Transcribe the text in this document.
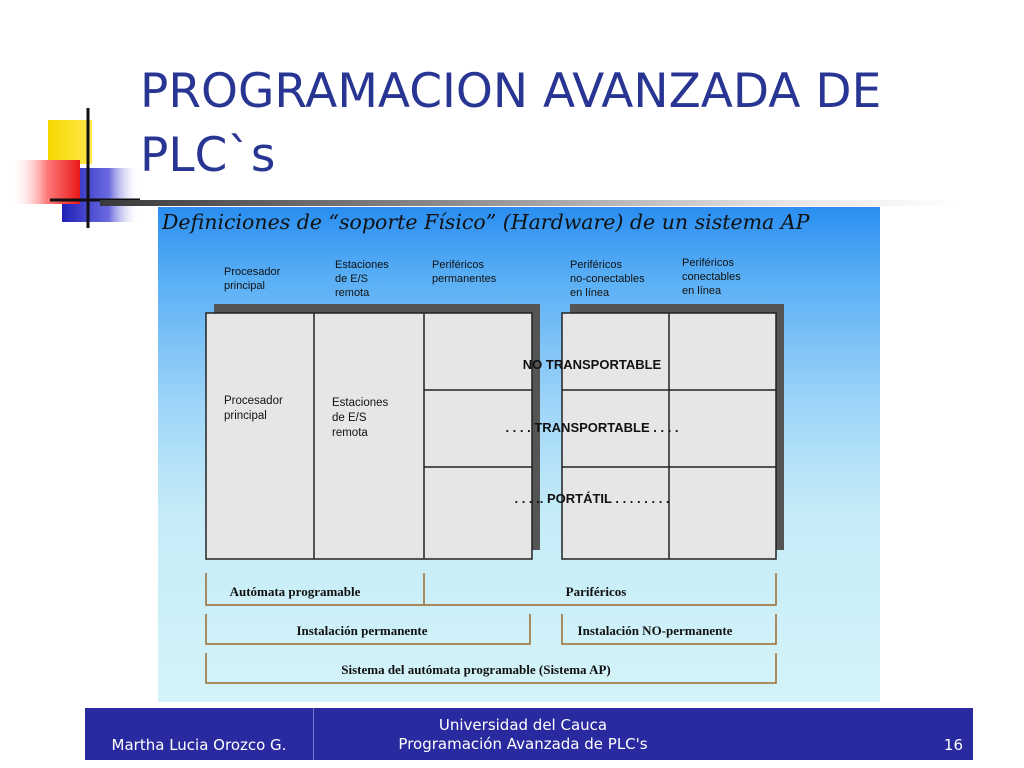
PROGRAMACION AVANZADA DE
PLC`s
Definiciones de “soporte Físico” (Hardware) de un sistema AP
Procesador principal
Estaciones de E/S remota
Periféricos permanentes
Periféricos no-conectables en línea
Periféricos conectables en línea
Procesador principal
Estaciones de E/S remota
NO TRANSPORTABLE
. . . . TRANSPORTABLE . . . .
. . . .. PORTÁTIL . . . . . . . .
Autómata programable	Pariféricos
Instalación permanente	Instalación NO-permanente
Sistema del autómata programable (Sistema AP)
Martha Lucia Orozco G.
Universidad del Cauca
Programación Avanzada de PLC's	16
